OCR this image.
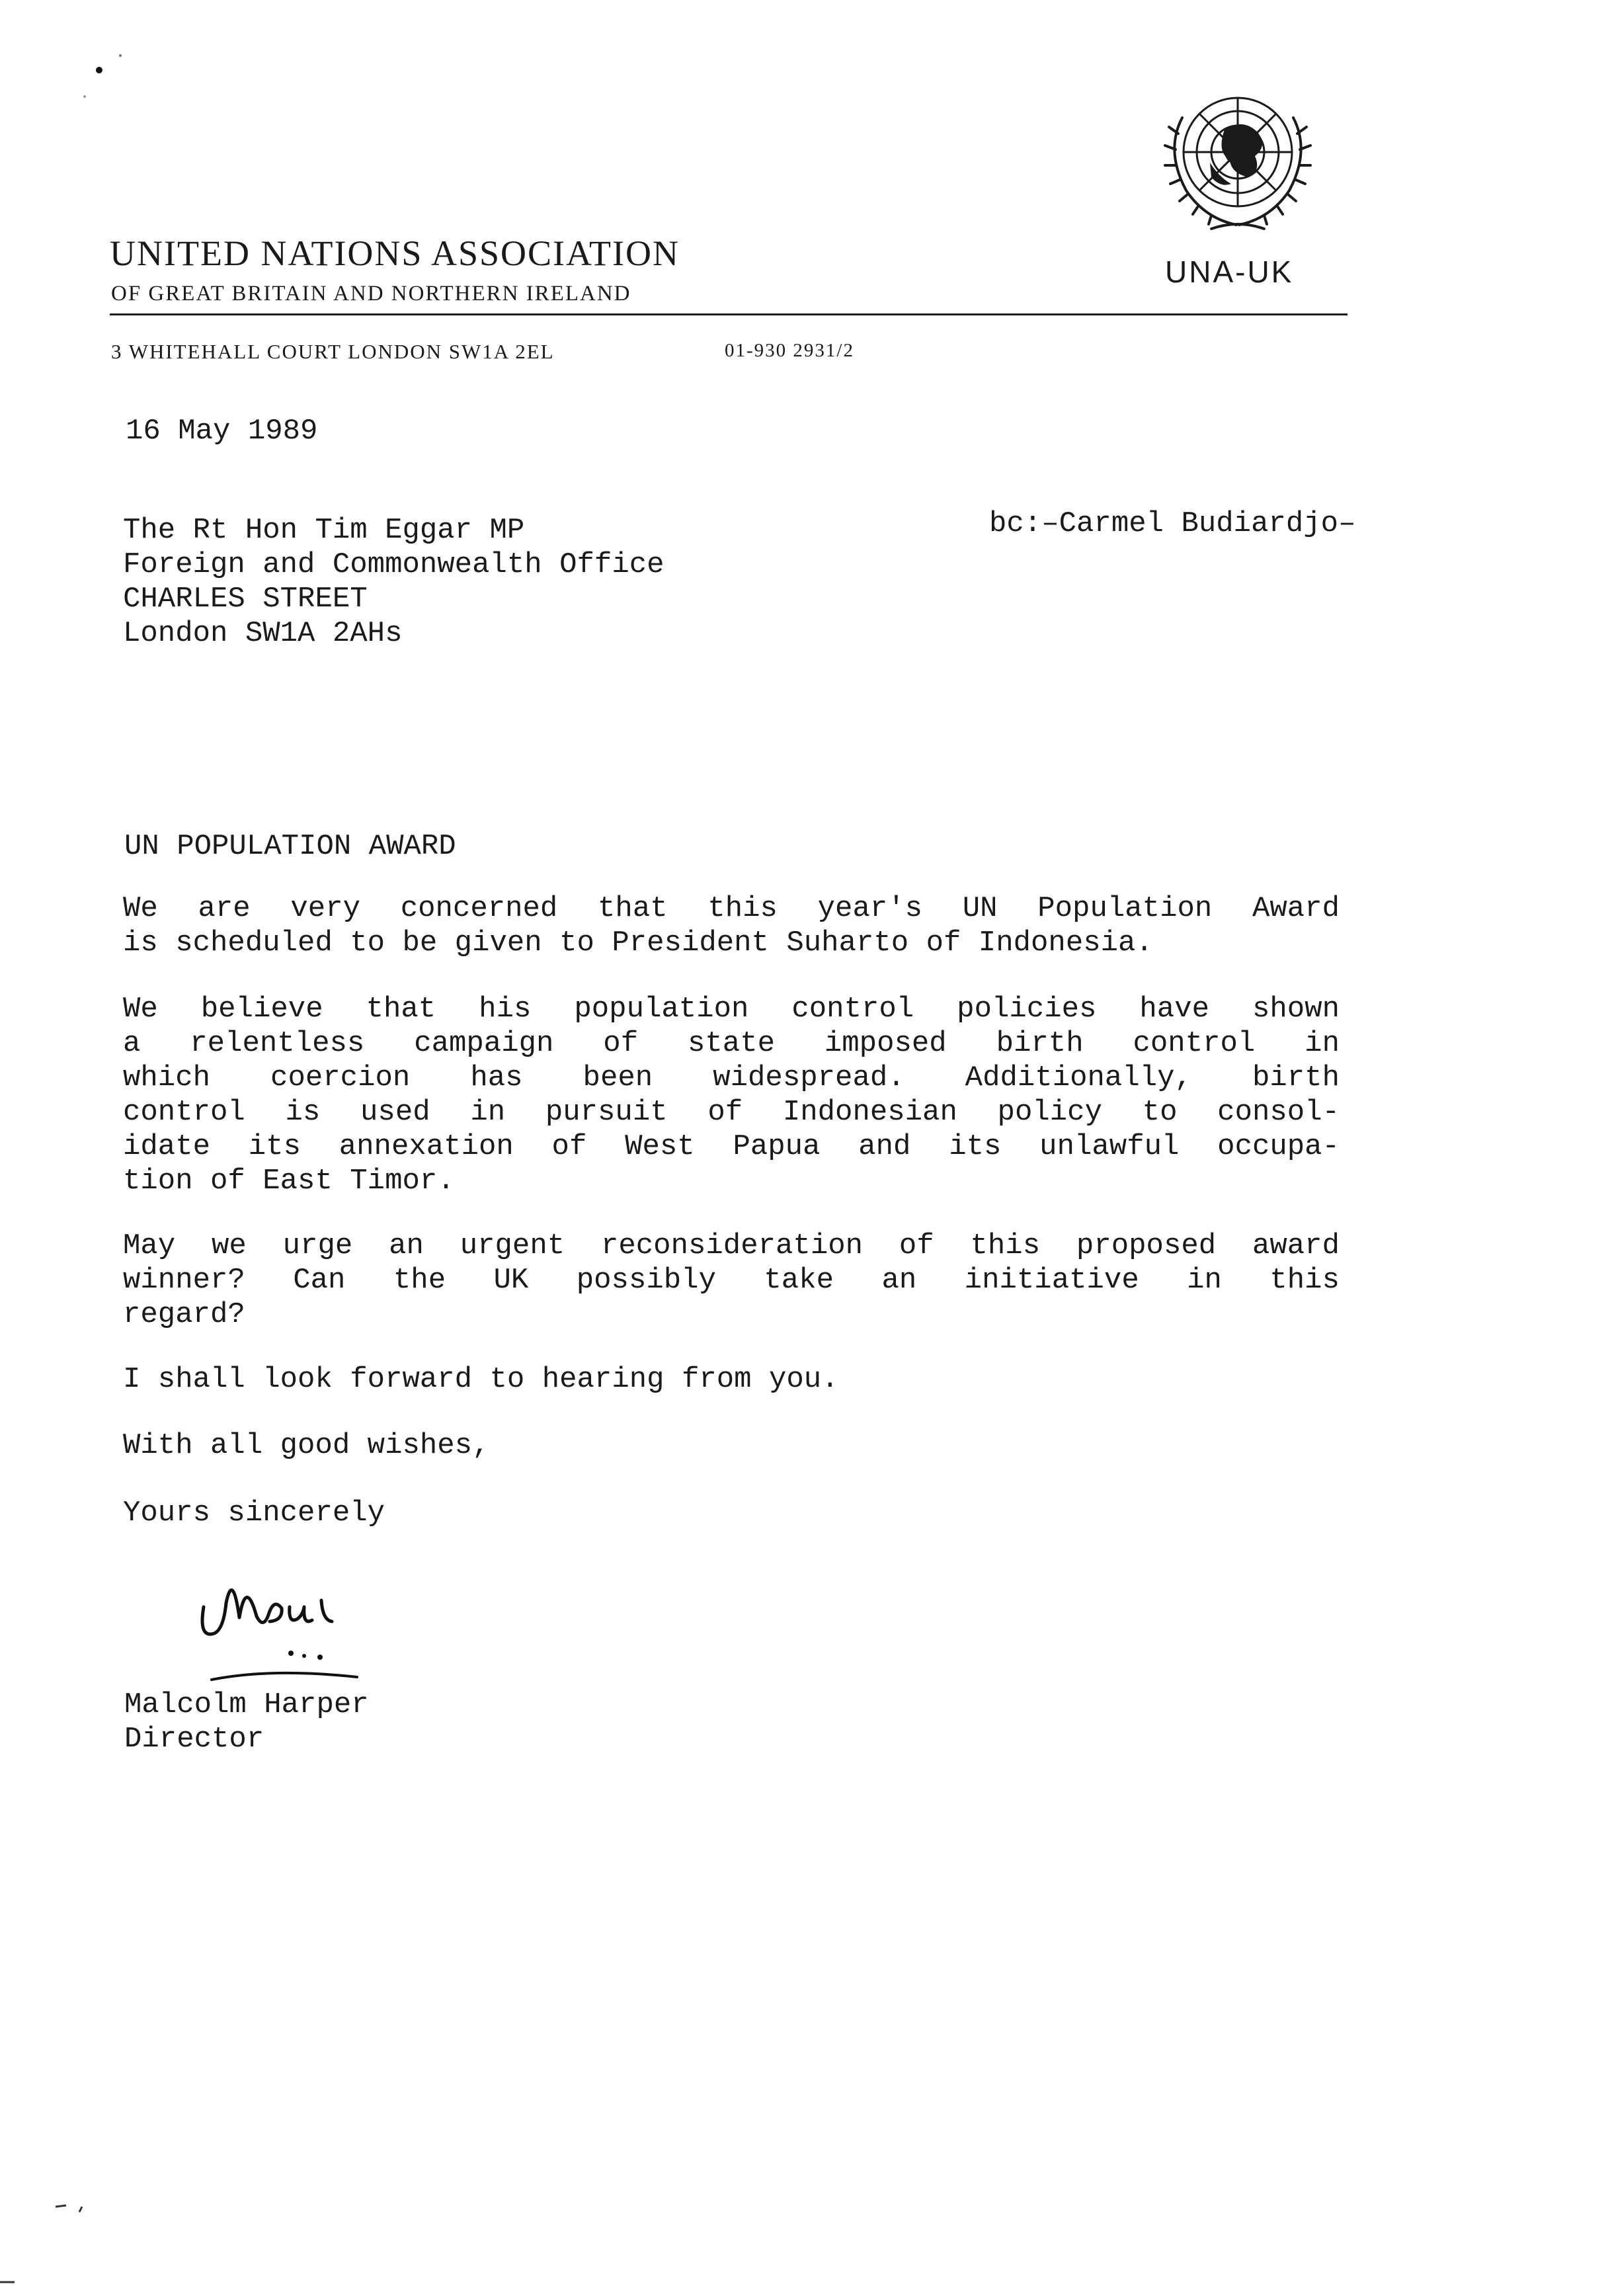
UNITED NATIONS ASSOCIATION
OF GREAT BRITAIN AND NORTHERN IRELAND
3 WHITEHALL COURT LONDON SW1A 2EL	01-930 2931/2
UNA-UK
16 May 1989
The Rt Hon Tim Eggar MP
Foreign and Commonwealth Office
CHARLES STREET
London SW1A 2AHs
bc:–Carmel Budiardjo–
UN POPULATION AWARD
We are very concerned that this year's UN Population Award
is scheduled to be given to President Suharto of Indonesia.
We believe that his population control policies have shown
a relentless campaign of state imposed birth control in
which coercion has been widespread. Additionally, birth
control is used in pursuit of Indonesian policy to consol-
idate its annexation of West Papua and its unlawful occupa-
tion of East Timor.
May we urge an urgent reconsideration of this proposed award
winner? Can the UK possibly take an initiative in this
regard?
I shall look forward to hearing from you.
With all good wishes,
Yours sincerely
Malcolm Harper
Director
